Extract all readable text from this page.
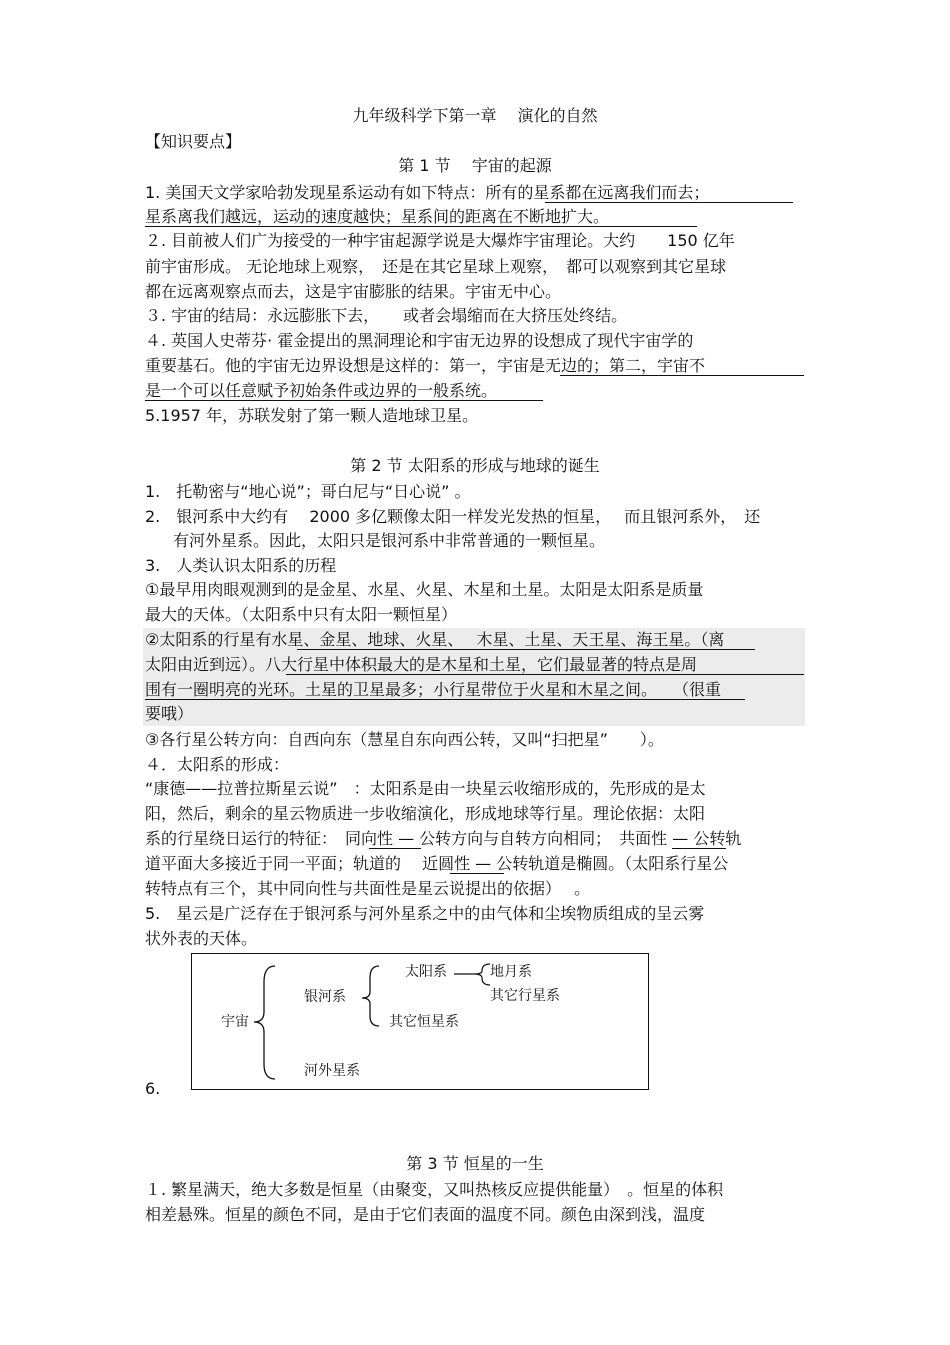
九年级科学下第一章　 演化的自然
【知识要点】
第 1 节　 宇宙的起源
1. 美国天文学家哈勃发现星系运动有如下特点：所有的星系都在远离我们而去；
星系离我们越远，运动的速度越快；星系间的距离在不断地扩大。
２. 目前被人们广为接受的一种宇宙起源学说是大爆炸宇宙理论。大约　　150 亿年
前宇宙形成。 无论地球上观察，　还是在其它星球上观察，　都可以观察到其它星球
都在远离观察点而去，这是宇宙膨胀的结果。宇宙无中心。
３. 宇宙的结局：永远膨胀下去，　　或者会塌缩而在大挤压处终结。
４. 英国人史蒂芬· 霍金提出的黑洞理论和宇宙无边界的设想成了现代宇宙学的
重要基石。他的宇宙无边界设想是这样的：第一，宇宙是无边的；第二，宇宙不
是一个可以任意赋予初始条件或边界的一般系统。
5.1957 年，苏联发射了第一颗人造地球卫星。
第 2 节 太阳系的形成与地球的诞生
1.　托勒密与“地心说”；哥白尼与“日心说” 。
2.　银河系中大约有　 2000 多亿颗像太阳一样发光发热的恒星，　 而且银河系外，　还
有河外星系。因此，太阳只是银河系中非常普通的一颗恒星。
3.　人类认识太阳系的历程
①最早用肉眼观测到的是金星、水星、火星、木星和土星。太阳是太阳系是质量
最大的天体。（太阳系中只有太阳一颗恒星）
②太阳系的行星有水星、金星、地球、火星、　 木星、土星、天王星、海王星。（离
太阳由近到远）。八大行星中体积最大的是木星和土星，它们最显著的特点是周
围有一圈明亮的光环。土星的卫星最多；小行星带位于火星和木星之间。　　（很重
要哦）
③各行星公转方向：自西向东（慧星自东向西公转，又叫“扫把星”　　）。
４．太阳系的形成：
“康德——拉普拉斯星云说”　：太阳系是由一块星云收缩形成的，先形成的是太
阳，然后，剩余的星云物质进一步收缩演化，形成地球等行星。理论依据：太阳
系的行星绕日运行的特征：　同向性 — 公转方向与自转方向相同；　共面性 — 公转轨
道平面大多接近于同一平面；轨道的　 近圆性 — 公转轨道是椭圆。（太阳系行星公
转特点有三个，其中同向性与共面性是星云说提出的依据）　 。
5.　星云是广泛存在于银河系与河外星系之中的由气体和尘埃物质组成的呈云雾
状外表的天体。
6.
宇宙
银河系
太阳系	地月系
其它行星系
其它恒星系
河外星系
第 3 节 恒星的一生
１. 繁星满天，绝大多数是恒星（由聚变，又叫热核反应提供能量）　。恒星的体积
相差悬殊。恒星的颜色不同，是由于它们表面的温度不同。颜色由深到浅，温度
